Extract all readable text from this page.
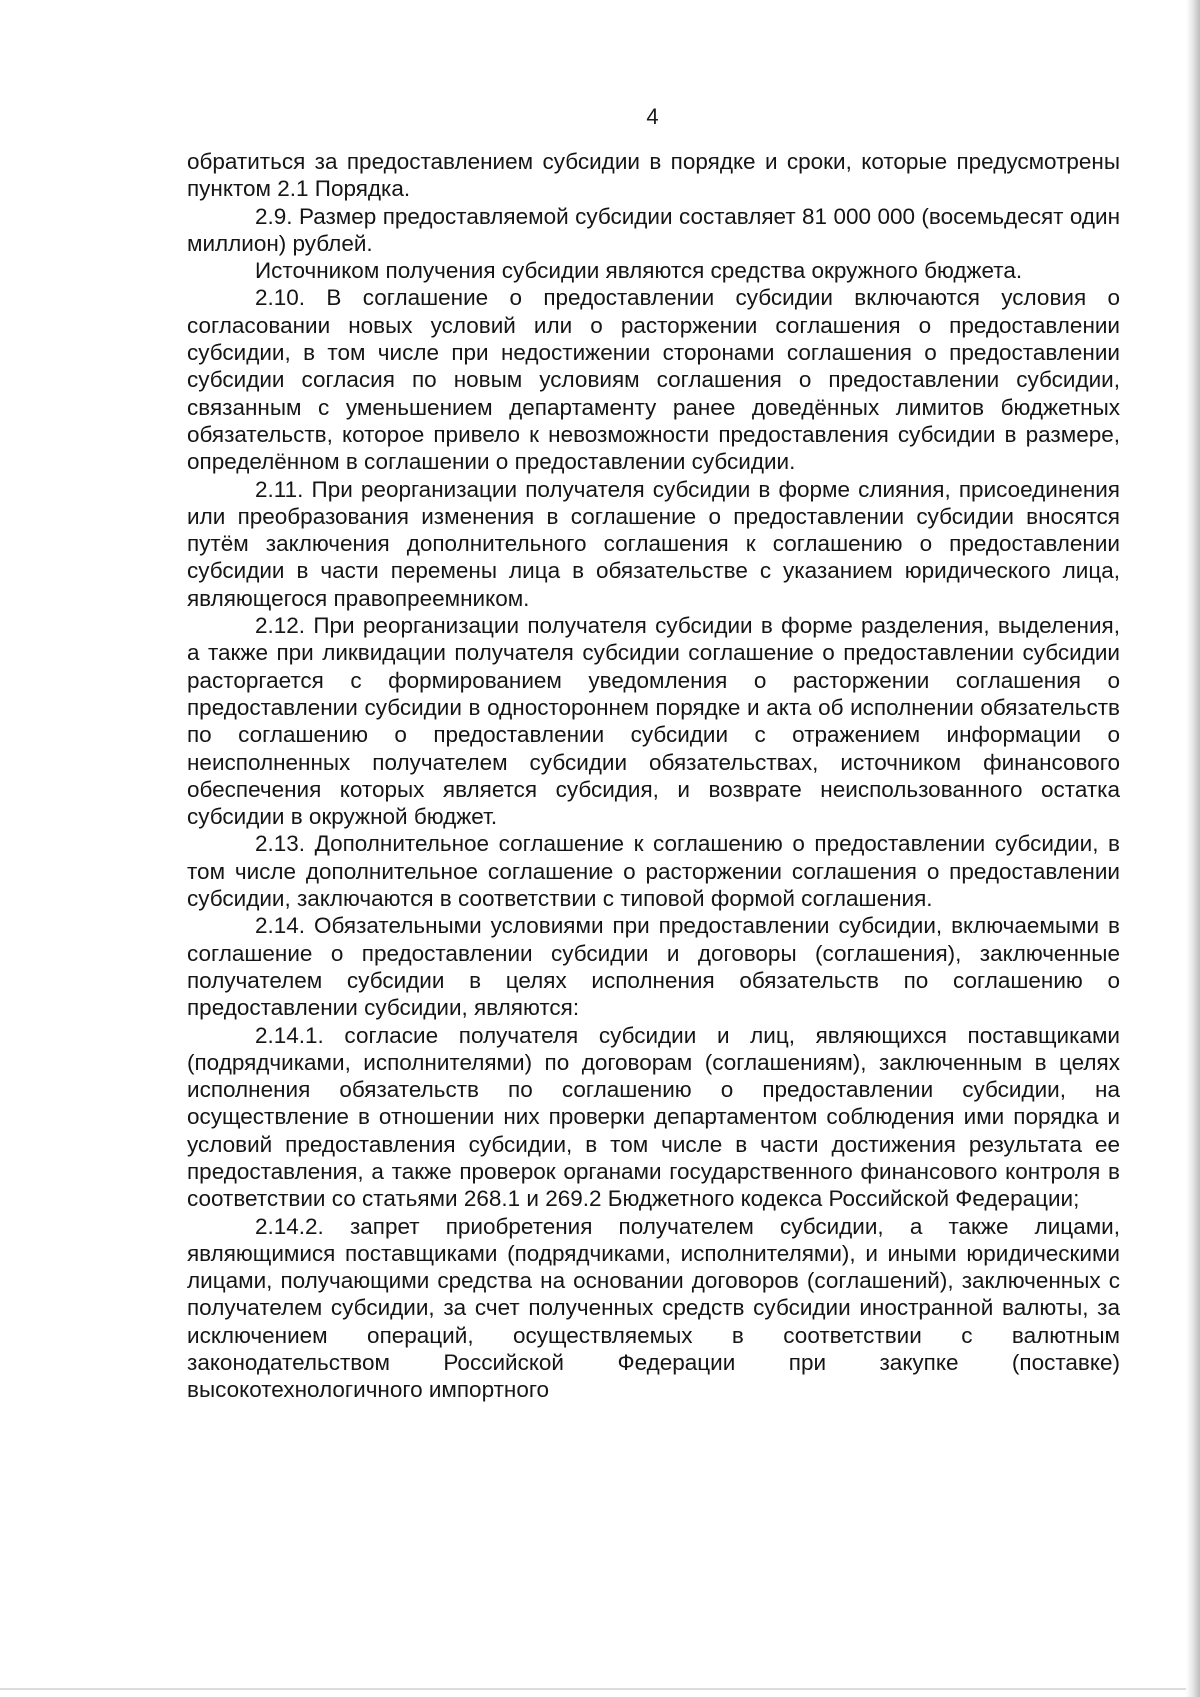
4

обратиться за предоставлением субсидии в порядке и сроки, которые предусмотрены пунктом 2.1 Порядка.

2.9. Размер предоставляемой субсидии составляет 81 000 000 (восемьдесят один миллион) рублей.

Источником получения субсидии являются средства окружного бюджета.

2.10. В соглашение о предоставлении субсидии включаются условия о согласовании новых условий или о расторжении соглашения о предоставлении субсидии, в том числе при недостижении сторонами соглашения о предоставлении субсидии согласия по новым условиям соглашения о предоставлении субсидии, связанным с уменьшением департаменту ранее доведённых лимитов бюджетных обязательств, которое привело к невозможности предоставления субсидии в размере, определённом в соглашении о предоставлении субсидии.

2.11. При реорганизации получателя субсидии в форме слияния, присоединения или преобразования изменения в соглашение о предоставлении субсидии вносятся путём заключения дополнительного соглашения к соглашению о предоставлении субсидии в части перемены лица в обязательстве с указанием юридического лица, являющегося правопреемником.

2.12. При реорганизации получателя субсидии в форме разделения, выделения, а также при ликвидации получателя субсидии соглашение о предоставлении субсидии расторгается с формированием уведомления о расторжении соглашения о предоставлении субсидии в одностороннем порядке и акта об исполнении обязательств по соглашению о предоставлении субсидии с отражением информации о неисполненных получателем субсидии обязательствах, источником финансового обеспечения которых является субсидия, и возврате неиспользованного остатка субсидии в окружной бюджет.

2.13. Дополнительное соглашение к соглашению о предоставлении субсидии, в том числе дополнительное соглашение о расторжении соглашения о предоставлении субсидии, заключаются в соответствии с типовой формой соглашения.

2.14. Обязательными условиями при предоставлении субсидии, включаемыми в соглашение о предоставлении субсидии и договоры (соглашения), заключенные получателем субсидии в целях исполнения обязательств по соглашению о предоставлении субсидии, являются:

2.14.1. согласие получателя субсидии и лиц, являющихся поставщиками (подрядчиками, исполнителями) по договорам (соглашениям), заключенным в целях исполнения обязательств по соглашению о предоставлении субсидии, на осуществление в отношении них проверки департаментом соблюдения ими порядка и условий предоставления субсидии, в том числе в части достижения результата ее предоставления, а также проверок органами государственного финансового контроля в соответствии со статьями 268.1 и 269.2 Бюджетного кодекса Российской Федерации;

2.14.2. запрет приобретения получателем субсидии, а также лицами, являющимися поставщиками (подрядчиками, исполнителями), и иными юридическими лицами, получающими средства на основании договоров (соглашений), заключенных с получателем субсидии, за счет полученных средств субсидии иностранной валюты, за исключением операций, осуществляемых в соответствии с валютным законодательством Российской Федерации при закупке (поставке) высокотехнологичного импортного
